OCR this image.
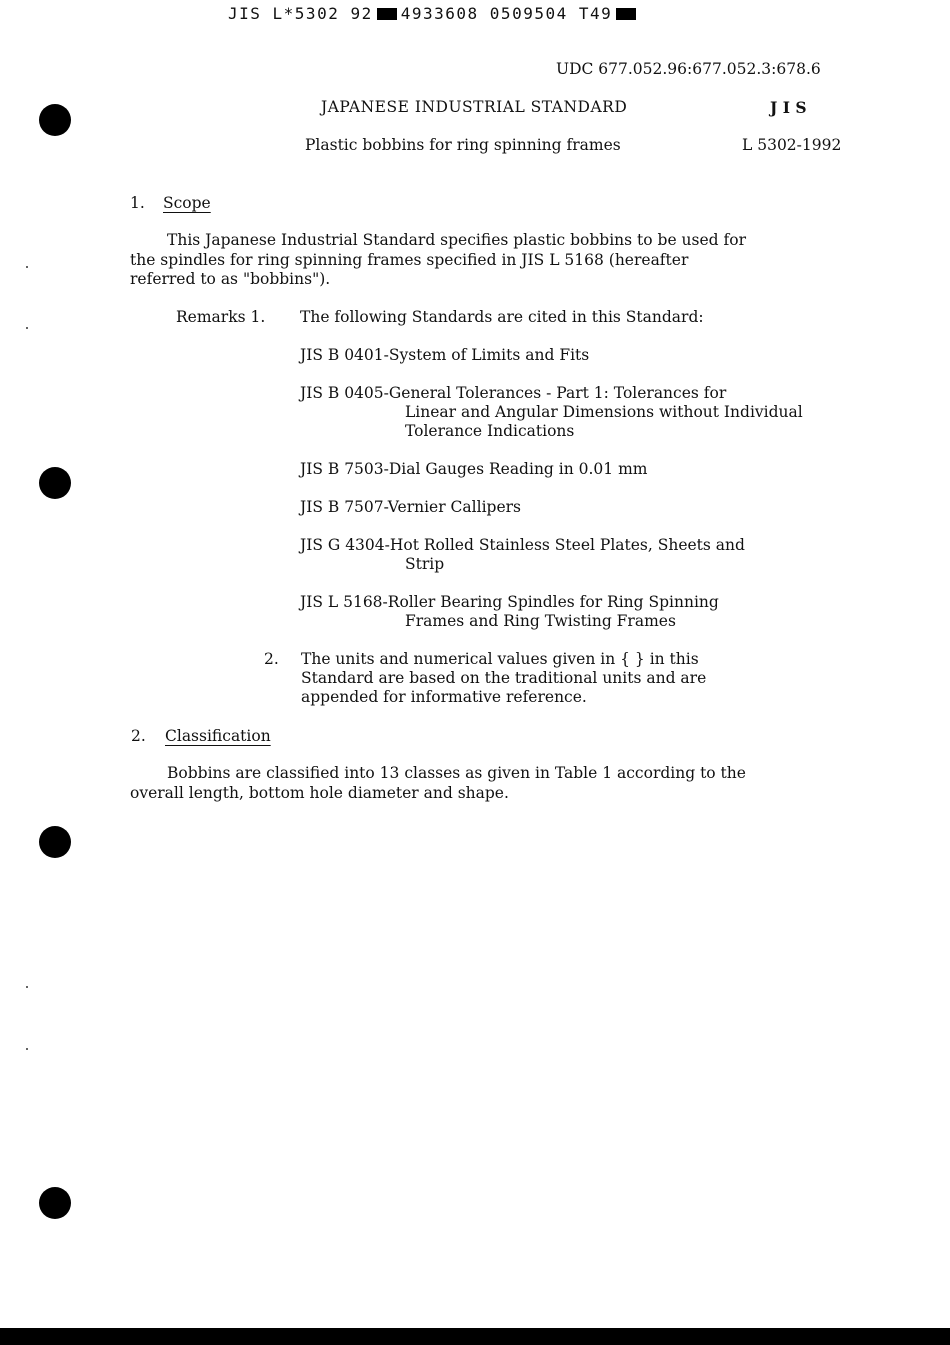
JIS L*5302 92 4933608 0509504 T49
UDC 677.052.96:677.052.3:678.6
JAPANESE INDUSTRIAL STANDARD	J I S
Plastic bobbins for ring spinning frames	L 5302-1992
1. Scope
This Japanese Industrial Standard specifies plastic bobbins to be used for
the spindles for ring spinning frames specified in JIS L 5168 (hereafter
referred to as "bobbins").
Remarks 1. The following Standards are cited in this Standard:
JIS B 0401-System of Limits and Fits
JIS B 0405-General Tolerances - Part 1: Tolerances for
Linear and Angular Dimensions without Individual
Tolerance Indications
JIS B 7503-Dial Gauges Reading in 0.01 mm
JIS B 7507-Vernier Callipers
JIS G 4304-Hot Rolled Stainless Steel Plates, Sheets and
Strip
JIS L 5168-Roller Bearing Spindles for Ring Spinning
Frames and Ring Twisting Frames
2. The units and numerical values given in { } in this
Standard are based on the traditional units and are
appended for informative reference.
2. Classification
Bobbins are classified into 13 classes as given in Table 1 according to the
overall length, bottom hole diameter and shape.
